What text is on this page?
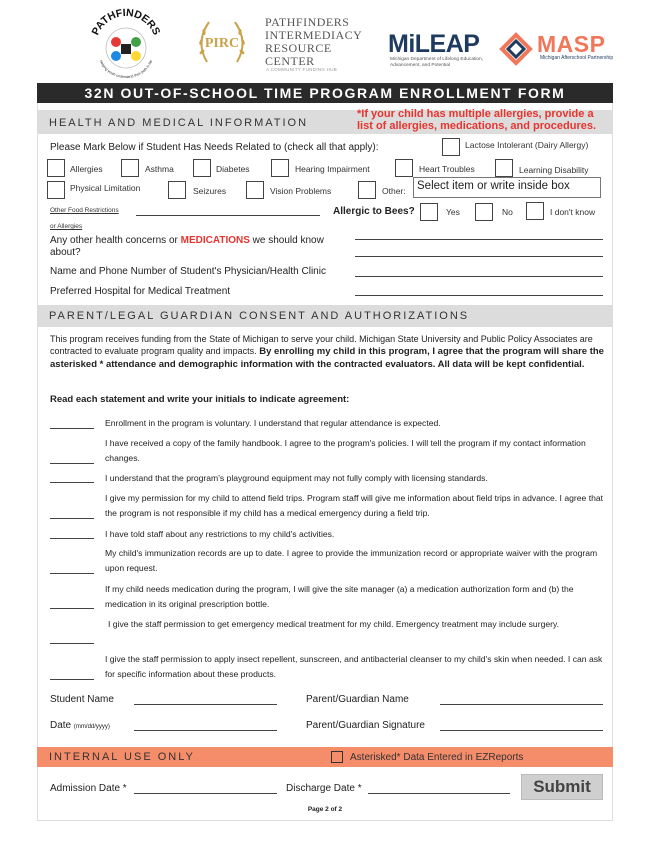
PATHFINDERS
Helping youth understand their path in life
PIRC
PATHFINDERS
INTERMEDIACY
RESOURCE
CENTER
A COMMUNITY FUNDING HUB
MiLEAP
Michigan Department of Lifelong Education, Advancement, and Potential
MASP
Michigan Afterschool Partnership
32N OUT-OF-SCHOOL TIME PROGRAM ENROLLMENT FORM
HEALTH AND MEDICAL INFORMATION
*If your child has multiple allergies, provide a list of allergies, medications, and procedures.
Please Mark Below if Student Has Needs Related to (check all that apply):	Lactose Intolerant (Dairy Allergy)
Allergies	Asthma	Diabetes	Hearing Impairment	Heart Troubles	Learning Disability
Physical Limitation	Seizures	Vision Problems	Other: Select item or write inside box
Other Food Restrictions
or Allergies
Allergic to Bees?	Yes	No	I don't know
Any other health concerns or MEDICATIONS we should know
about?
Name and Phone Number of Student's Physician/Health Clinic
Preferred Hospital for Medical Treatment
PARENT/LEGAL GUARDIAN CONSENT AND AUTHORIZATIONS
This program receives funding from the State of Michigan to serve your child. Michigan State University and Public Policy Associates are contracted to evaluate program quality and impacts. By enrolling my child in this program, I agree that the program will share the asterisked * attendance and demographic information with the contracted evaluators. All data will be kept confidential.
Read each statement and write your initials to indicate agreement:
Enrollment in the program is voluntary. I understand that regular attendance is expected.
I have received a copy of the family handbook. I agree to the program's policies. I will tell the program if my contact information changes.
I understand that the program's playground equipment may not fully comply with licensing standards.
I give my permission for my child to attend field trips. Program staff will give me information about field trips in advance. I agree that the program is not responsible if my child has a medical emergency during a field trip.
I have told staff about any restrictions to my child's activities.
My child's immunization records are up to date. I agree to provide the immunization record or appropriate waiver with the program upon request.
If my child needs medication during the program, I will give the site manager (a) a medication authorization form and (b) the medication in its original prescription bottle.
I give the staff permission to get emergency medical treatment for my child. Emergency treatment may include surgery.
I give the staff permission to apply insect repellent, sunscreen, and antibacterial cleanser to my child's skin when needed. I can ask for specific information about these products.
Student Name	Parent/Guardian Name
Date (mm/dd/yyyy)	Parent/Guardian Signature
INTERNAL USE ONLY	Asterisked* Data Entered in EZReports
Admission Date *	Discharge Date *	Submit
Page 2 of 2
